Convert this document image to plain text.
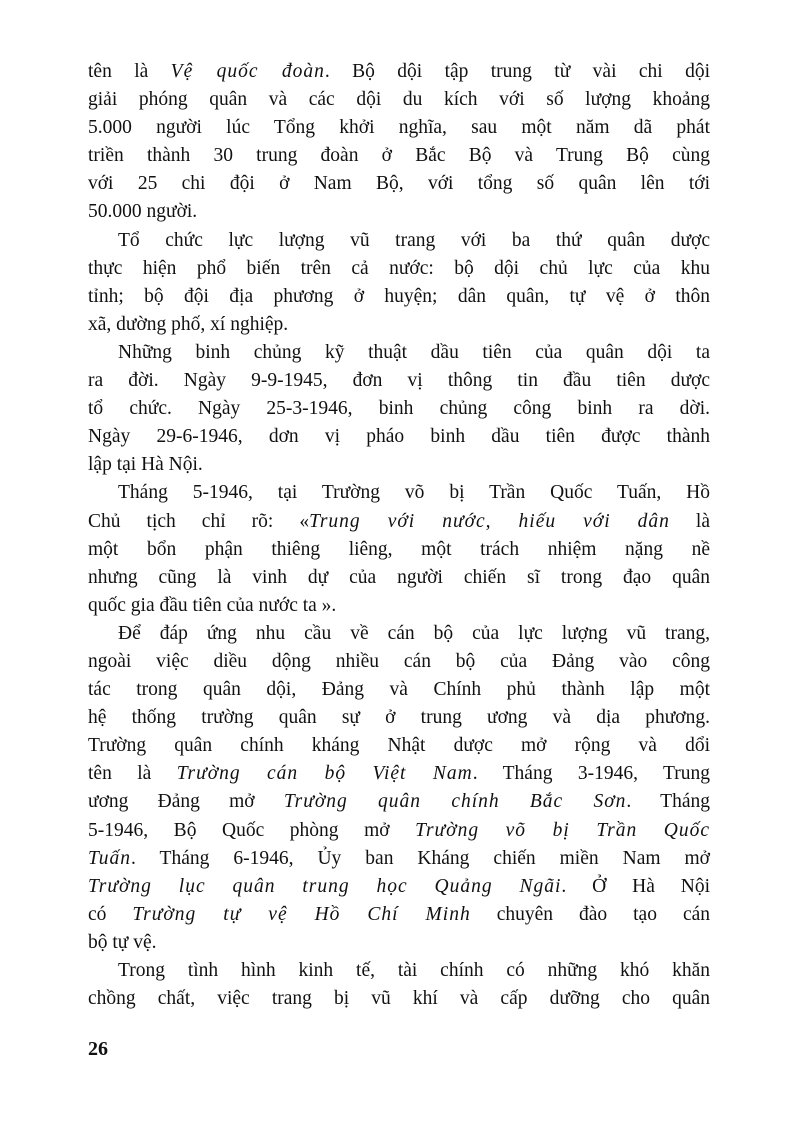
tên là Vệ quốc đoàn. Bộ dội tập trung từ vài chi dội
giải phóng quân và các dội du kích với số lượng khoảng
5.000 người lúc Tổng khởi nghĩa, sau một năm dã phát
triền thành 30 trung đoàn ở Bắc Bộ và Trung Bộ cùng
với 25 chi đội ở Nam Bộ, với tổng số quân lên tới
50.000 người.
Tổ chức lực lượng vũ trang với ba thứ quân dược
thực hiện phổ biến trên cả nước: bộ dội chủ lực của khu
tỉnh; bộ đội địa phương ở huyện; dân quân, tự vệ ở thôn
xã, dường phố, xí nghiệp.
Những binh chủng kỹ thuật dầu tiên của quân dội ta
ra đời. Ngày 9-9-1945, đơn vị thông tin đầu tiên dược
tổ chức. Ngày 25-3-1946, binh chủng công binh ra dời.
Ngày 29-6-1946, dơn vị pháo binh dầu tiên được thành
lập tại Hà Nội.
Tháng 5-1946, tại Trường võ bị Trần Quốc Tuấn, Hồ
Chủ tịch chỉ rõ: «Trung với nước, hiếu với dân là
một bổn phận thiêng liêng, một trách nhiệm nặng nề
nhưng cũng là vinh dự của người chiến sĩ trong đạo quân
quốc gia đầu tiên của nước ta ».
Để đáp ứng nhu cầu về cán bộ của lực lượng vũ trang,
ngoài việc diều dộng nhiều cán bộ của Đảng vào công
tác trong quân dội, Đảng và Chính phủ thành lập một
hệ thống trường quân sự ở trung ương và dịa phương.
Trường quân chính kháng Nhật dược mở rộng và dổi
tên là Trường cán bộ Việt Nam. Tháng 3-1946, Trung
ương Đảng mở Trường quân chính Bắc Sơn. Tháng
5-1946, Bộ Quốc phòng mở Trường võ bị Trần Quốc
Tuấn. Tháng 6-1946, Ủy ban Kháng chiến miền Nam mở
Trường lục quân trung học Quảng Ngãi. Ở Hà Nội
có Trường tự vệ Hồ Chí Minh chuyên đào tạo cán
bộ tự vệ.
Trong tình hình kinh tế, tài chính có những khó khăn
chồng chất, việc trang bị vũ khí và cấp dưỡng cho quân
26
